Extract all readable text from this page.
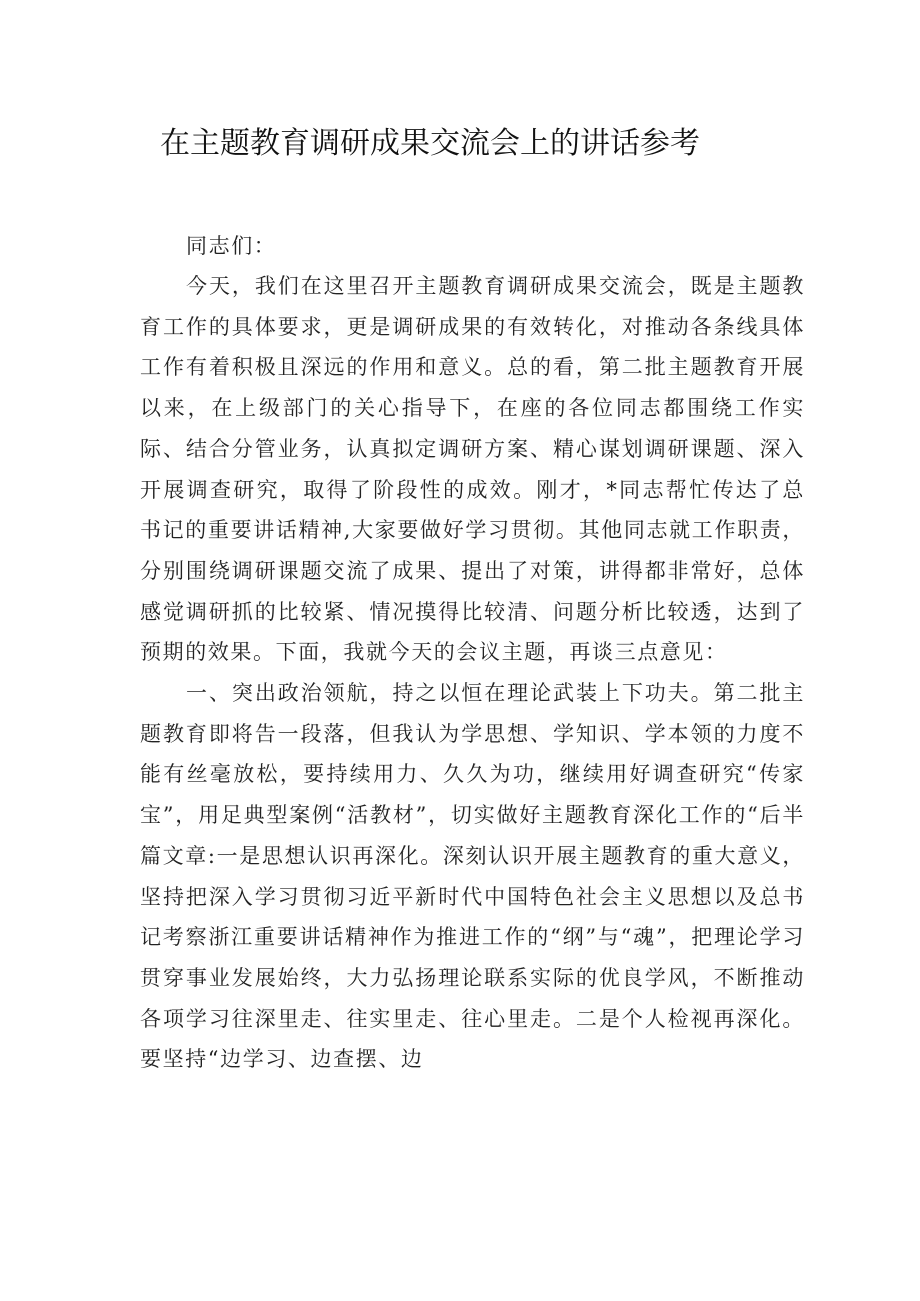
在主题教育调研成果交流会上的讲话参考
同志们：

今天，我们在这里召开主题教育调研成果交流会，既是主题教育工作的具体要求，更是调研成果的有效转化，对推动各条线具体工作有着积极且深远的作用和意义。总的看，第二批主题教育开展以来，在上级部门的关心指导下，在座的各位同志都围绕工作实际、结合分管业务，认真拟定调研方案、精心谋划调研课题、深入开展调查研究，取得了阶段性的成效。刚才，*同志帮忙传达了总书记的重要讲话精神,大家要做好学习贯彻。其他同志就工作职责，分别围绕调研课题交流了成果、提出了对策，讲得都非常好，总体感觉调研抓的比较紧、情况摸得比较清、问题分析比较透，达到了预期的效果。下面，我就今天的会议主题，再谈三点意见：

一、突出政治领航，持之以恒在理论武装上下功夫。第二批主题教育即将告一段落，但我认为学思想、学知识、学本领的力度不能有丝毫放松，要持续用力、久久为功，继续用好调查研究“传家宝”，用足典型案例“活教材”，切实做好主题教育深化工作的“后半篇文章:一是思想认识再深化。深刻认识开展主题教育的重大意义，坚持把深入学习贯彻习近平新时代中国特色社会主义思想以及总书记考察浙江重要讲话精神作为推进工作的“纲”与“魂”，把理论学习贯穿事业发展始终，大力弘扬理论联系实际的优良学风，不断推动各项学习往深里走、往实里走、往心里走。二是个人检视再深化。要坚持“边学习、边查摆、边
